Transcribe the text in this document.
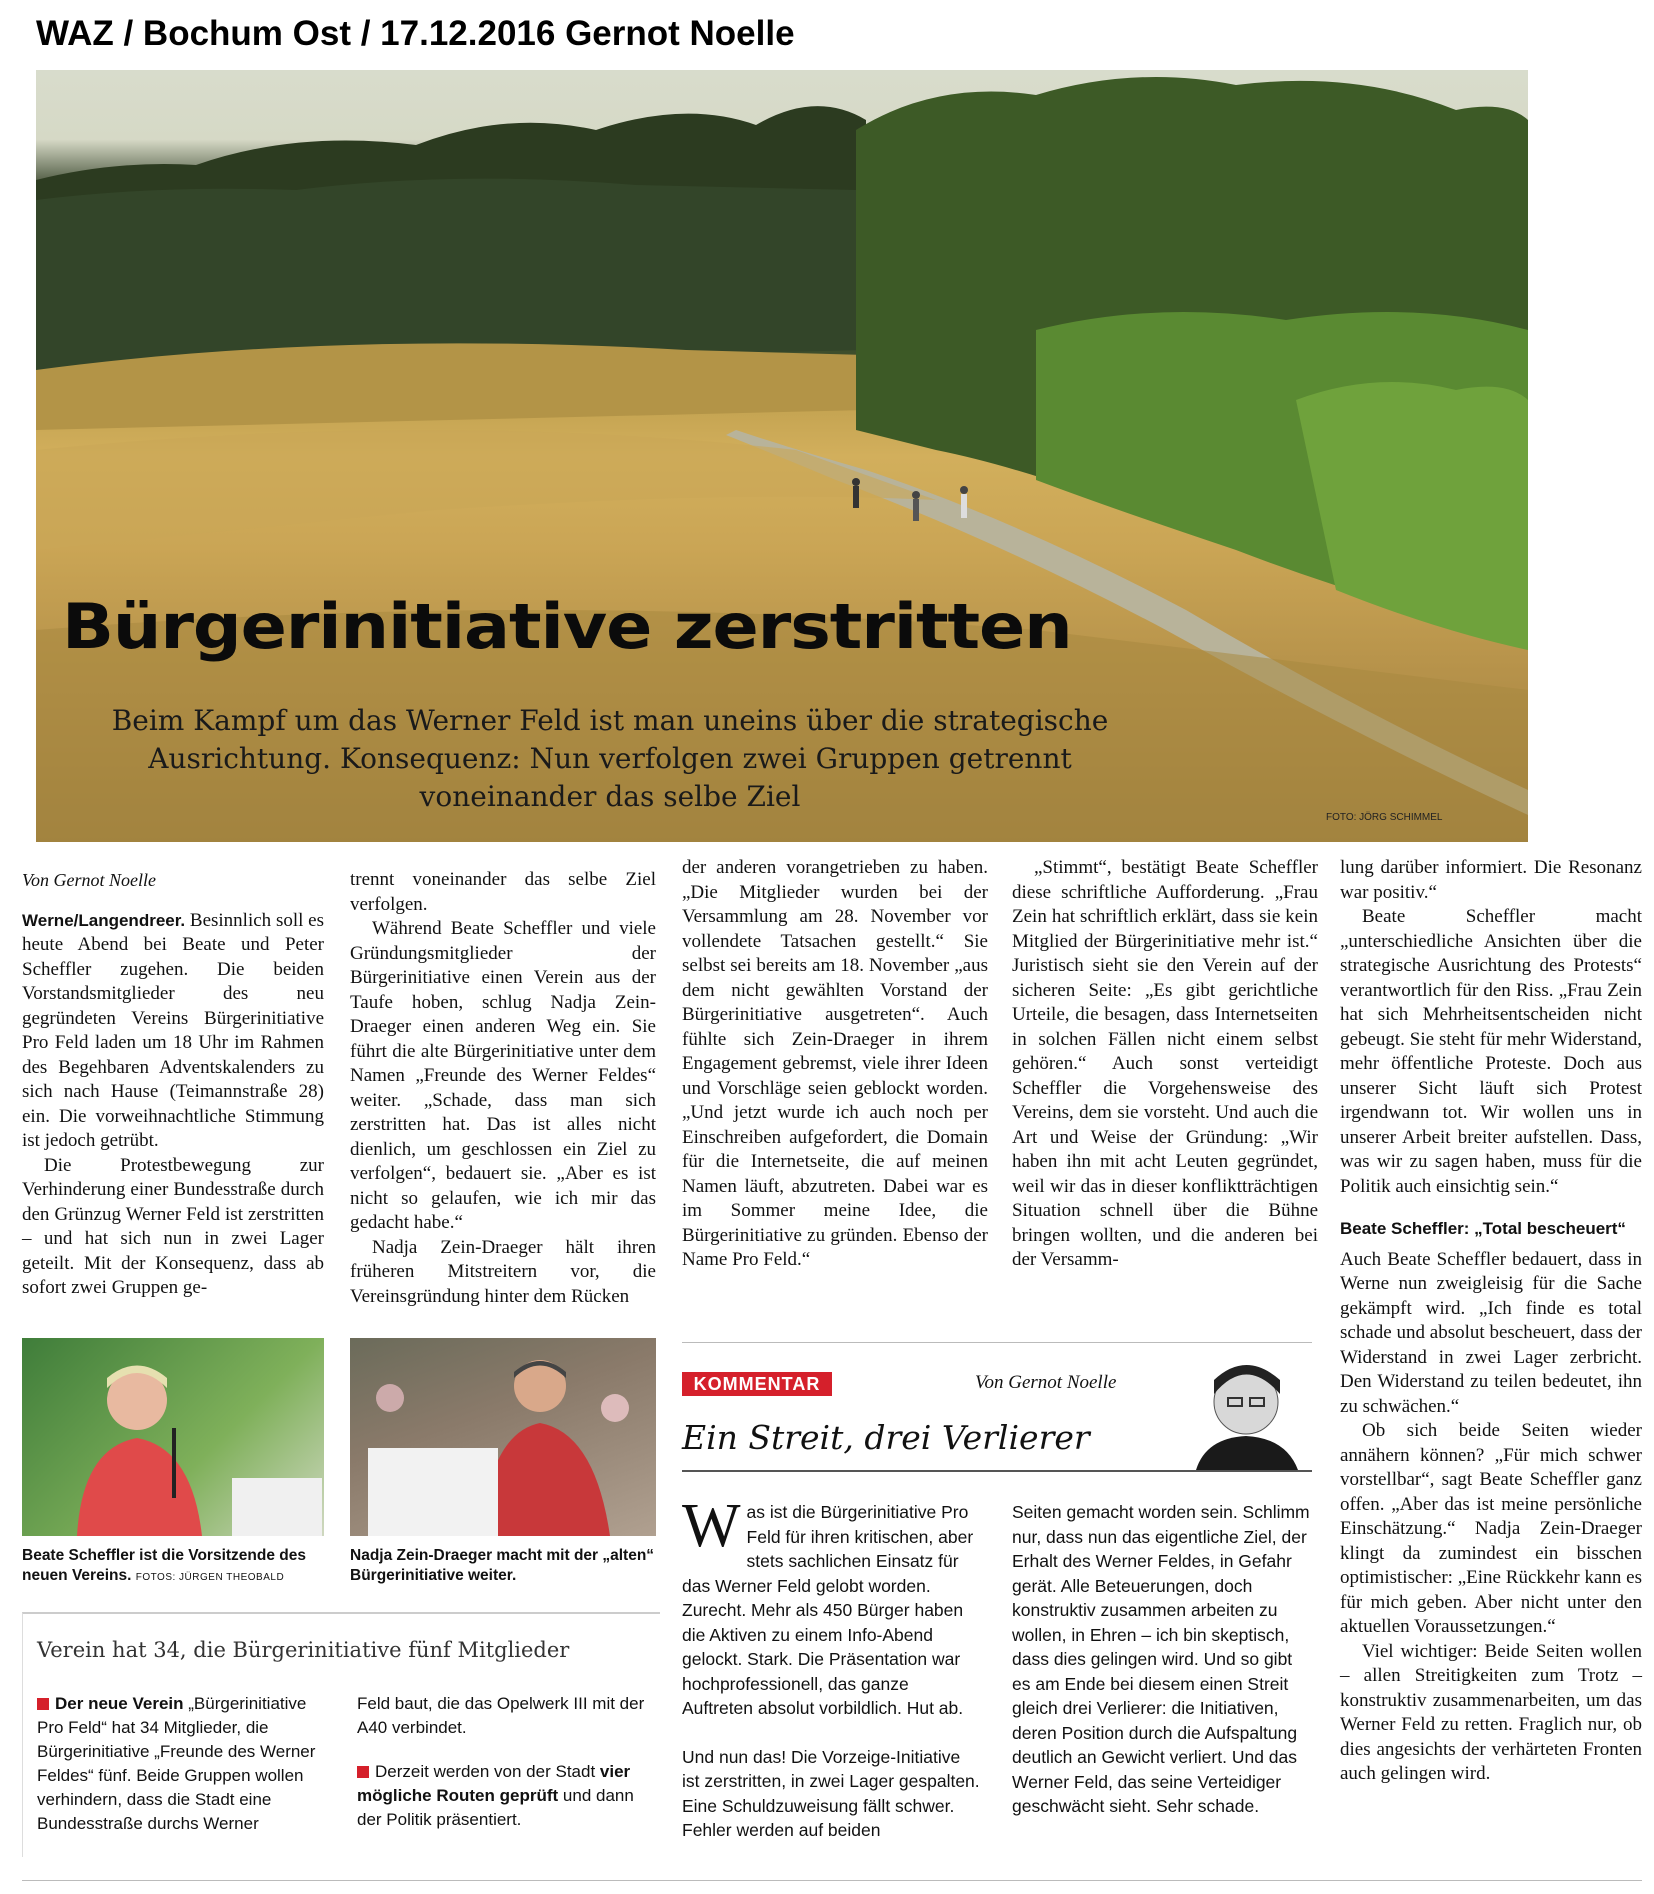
WAZ / Bochum Ost / 17.12.2016 Gernot Noelle
Bürgerinitiative zerstritten
Beim Kampf um das Werner Feld ist man uneins über die strategische Ausrichtung. Konsequenz: Nun verfolgen zwei Gruppen getrennt voneinander das selbe Ziel
FOTO: JÖRG SCHIMMEL
Von Gernot Noelle

Werne/Langendreer. Besinnlich soll es heute Abend bei Beate und Peter Scheffler zugehen. Die beiden Vorstandsmitglieder des neu gegründeten Vereins Bürgerinitiative Pro Feld laden um 18 Uhr im Rahmen des Begehbaren Adventskalenders zu sich nach Hause (Teimannstraße 28) ein. Die vorweihnachtliche Stimmung ist jedoch getrübt.

Die Protestbewegung zur Verhinderung einer Bundesstraße durch den Grünzug Werner Feld ist zerstritten – und hat sich nun in zwei Lager geteilt. Mit der Konsequenz, dass ab sofort zwei Gruppen ge-

trennt voneinander das selbe Ziel verfolgen.

Während Beate Scheffler und viele Gründungsmitglieder der Bürgerinitiative einen Verein aus der Taufe hoben, schlug Nadja Zein-Draeger einen anderen Weg ein. Sie führt die alte Bürgerinitiative unter dem Namen „Freunde des Werner Feldes“ weiter. „Schade, dass man sich zerstritten hat. Das ist alles nicht dienlich, um geschlossen ein Ziel zu verfolgen“, bedauert sie. „Aber es ist nicht so gelaufen, wie ich mir das gedacht habe.“

Nadja Zein-Draeger hält ihren früheren Mitstreitern vor, die Vereinsgründung hinter dem Rücken

der anderen vorangetrieben zu haben. „Die Mitglieder wurden bei der Versammlung am 28. November vor vollendete Tatsachen gestellt.“ Sie selbst sei bereits am 18. November „aus dem nicht gewählten Vorstand der Bürgerinitiative ausgetreten“. Auch fühlte sich Zein-Draeger in ihrem Engagement gebremst, viele ihrer Ideen und Vorschläge seien geblockt worden. „Und jetzt wurde ich auch noch per Einschreiben aufgefordert, die Domain für die Internetseite, die auf meinen Namen läuft, abzutreten. Dabei war es im Sommer meine Idee, die Bürgerinitiative zu gründen. Ebenso der Name Pro Feld.“

„Stimmt“, bestätigt Beate Scheffler diese schriftliche Aufforderung. „Frau Zein hat schriftlich erklärt, dass sie kein Mitglied der Bürgerinitiative mehr ist.“ Juristisch sieht sie den Verein auf der sicheren Seite: „Es gibt gerichtliche Urteile, die besagen, dass Internetseiten in solchen Fällen nicht einem selbst gehören.“ Auch sonst verteidigt Scheffler die Vorgehensweise des Vereins, dem sie vorsteht. Und auch die Art und Weise der Gründung: „Wir haben ihn mit acht Leuten gegründet, weil wir das in dieser konfliktträchtigen Situation schnell über die Bühne bringen wollten, und die anderen bei der Versamm-

lung darüber informiert. Die Resonanz war positiv.“

Beate Scheffler macht „unterschiedliche Ansichten über die strategische Ausrichtung des Protests“ verantwortlich für den Riss. „Frau Zein hat sich Mehrheitsentscheiden nicht gebeugt. Sie steht für mehr Widerstand, mehr öffentliche Proteste. Doch aus unserer Sicht läuft sich Protest irgendwann tot. Wir wollen uns in unserer Arbeit breiter aufstellen. Dass, was wir zu sagen haben, muss für die Politik auch einsichtig sein.“

Beate Scheffler: „Total bescheuert“

Auch Beate Scheffler bedauert, dass in Werne nun zweigleisig für die Sache gekämpft wird. „Ich finde es total schade und absolut bescheuert, dass der Widerstand in zwei Lager zerbricht. Den Widerstand zu teilen bedeutet, ihn zu schwächen.“

Ob sich beide Seiten wieder annähern können? „Für mich schwer vorstellbar“, sagt Beate Scheffler ganz offen. „Aber das ist meine persönliche Einschätzung.“ Nadja Zein-Draeger klingt da zumindest ein bisschen optimistischer: „Eine Rückkehr kann es für mich geben. Aber nicht unter den aktuellen Voraussetzungen.“

Viel wichtiger: Beide Seiten wollen – allen Streitigkeiten zum Trotz – konstruktiv zusammenarbeiten, um das Werner Feld zu retten. Fraglich nur, ob dies angesichts der verhärteten Fronten auch gelingen wird.

Beate Scheffler ist die Vorsitzende des neuen Vereins. FOTOS: JÜRGEN THEOBALD
Nadja Zein-Draeger macht mit der „alten“ Bürgerinitiative weiter.
Verein hat 34, die Bürgerinitiative fünf Mitglieder
Der neue Verein „Bürgerinitiative Pro Feld“ hat 34 Mitglieder, die Bürgerinitiative „Freunde des Werner Feldes“ fünf. Beide Gruppen wollen verhindern, dass die Stadt eine Bundesstraße durchs Werner
Feld baut, die das Opelwerk III mit der A40 verbindet.
Derzeit werden von der Stadt vier mögliche Routen geprüft und dann der Politik präsentiert.
KOMMENTAR	Von Gernot Noelle
Ein Streit, drei Verlierer
Was ist die Bürgerinitiative Pro Feld für ihren kritischen, aber stets sachlichen Einsatz für das Werner Feld gelobt worden. Zurecht. Mehr als 450 Bürger haben die Aktiven zu einem Info-Abend gelockt. Stark. Die Präsentation war hochprofessionell, das ganze Auftreten absolut vorbildlich. Hut ab.
Und nun das! Die Vorzeige-Initiative ist zerstritten, in zwei Lager gespalten. Eine Schuldzuweisung fällt schwer. Fehler werden auf beiden
Seiten gemacht worden sein. Schlimm nur, dass nun das eigentliche Ziel, der Erhalt des Werner Feldes, in Gefahr gerät. Alle Beteuerungen, doch konstruktiv zusammen arbeiten zu wollen, in Ehren – ich bin skeptisch, dass dies gelingen wird. Und so gibt es am Ende bei diesem einen Streit gleich drei Verlierer: die Initiativen, deren Position durch die Aufspaltung deutlich an Gewicht verliert. Und das Werner Feld, das seine Verteidiger geschwächt sieht. Sehr schade.
